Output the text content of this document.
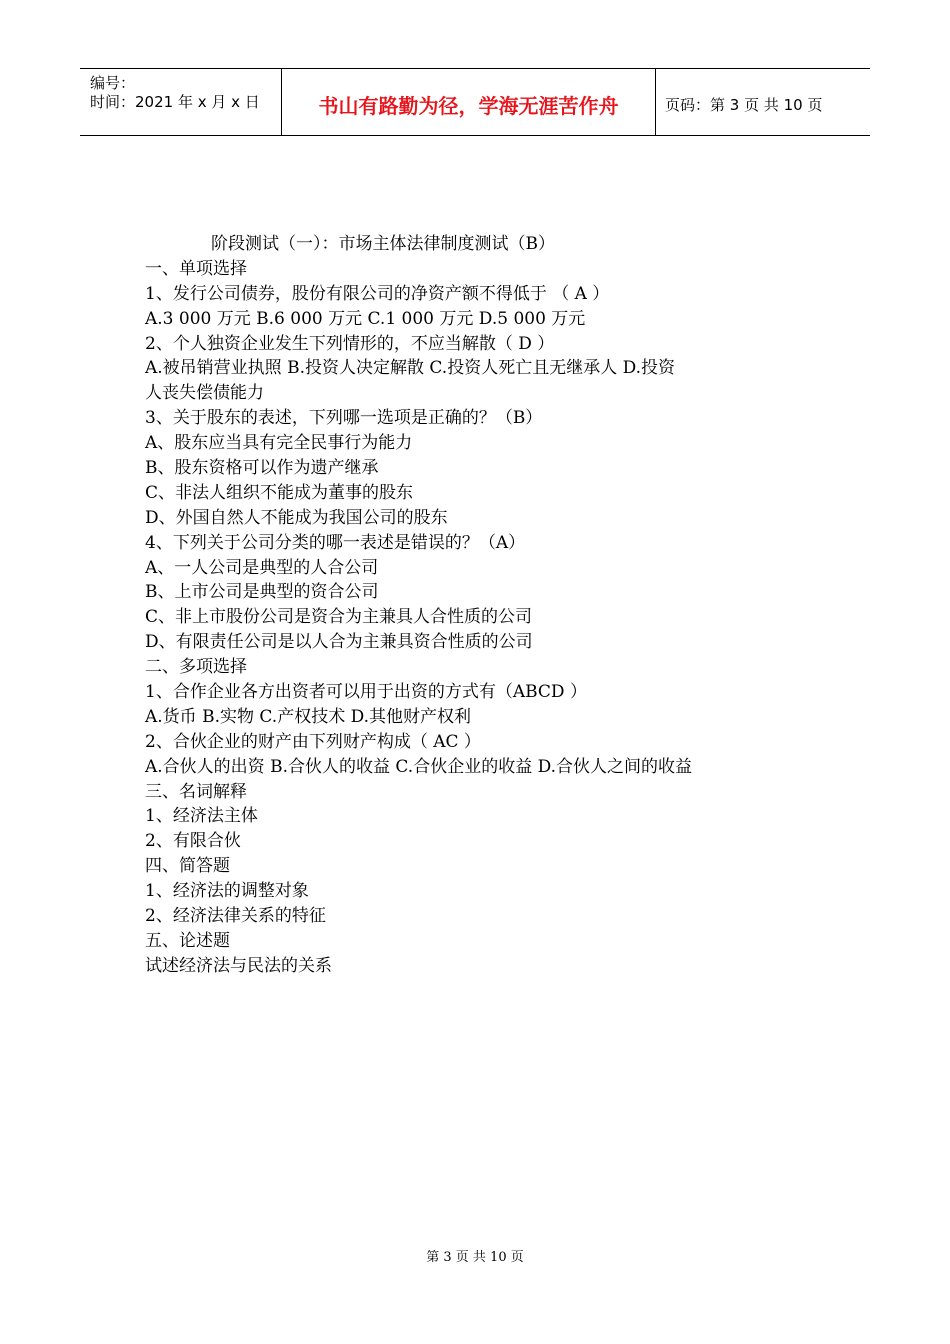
编号：
时间：2021 年 x 月 x 日	书山有路勤为径，学海无涯苦作舟	页码：第 3 页 共 10 页
阶段测试（一）：市场主体法律制度测试（B）
一、单项选择
1、发行公司债券，股份有限公司的净资产额不得低于 （ A ）
A.3 000 万元 B.6 000 万元 C.1 000 万元 D.5 000 万元
2、个人独资企业发生下列情形的，不应当解散（ D ）
A.被吊销营业执照 B.投资人决定解散 C.投资人死亡且无继承人 D.投资
人丧失偿债能力
3、关于股东的表述，下列哪一选项是正确的？（B）
A、股东应当具有完全民事行为能力
B、股东资格可以作为遗产继承
C、非法人组织不能成为董事的股东
D、外国自然人不能成为我国公司的股东
4、下列关于公司分类的哪一表述是错误的？（A）
A、一人公司是典型的人合公司
B、上市公司是典型的资合公司
C、非上市股份公司是资合为主兼具人合性质的公司
D、有限责任公司是以人合为主兼具资合性质的公司
二、多项选择
1、合作企业各方出资者可以用于出资的方式有（ABCD ）
A.货币 B.实物 C.产权技术 D.其他财产权利
2、合伙企业的财产由下列财产构成（ AC ）
A.合伙人的出资 B.合伙人的收益 C.合伙企业的收益 D.合伙人之间的收益
三、名词解释
1、经济法主体
2、有限合伙
四、简答题
1、经济法的调整对象
2、经济法律关系的特征
五、论述题
试述经济法与民法的关系
第 3 页 共 10 页
